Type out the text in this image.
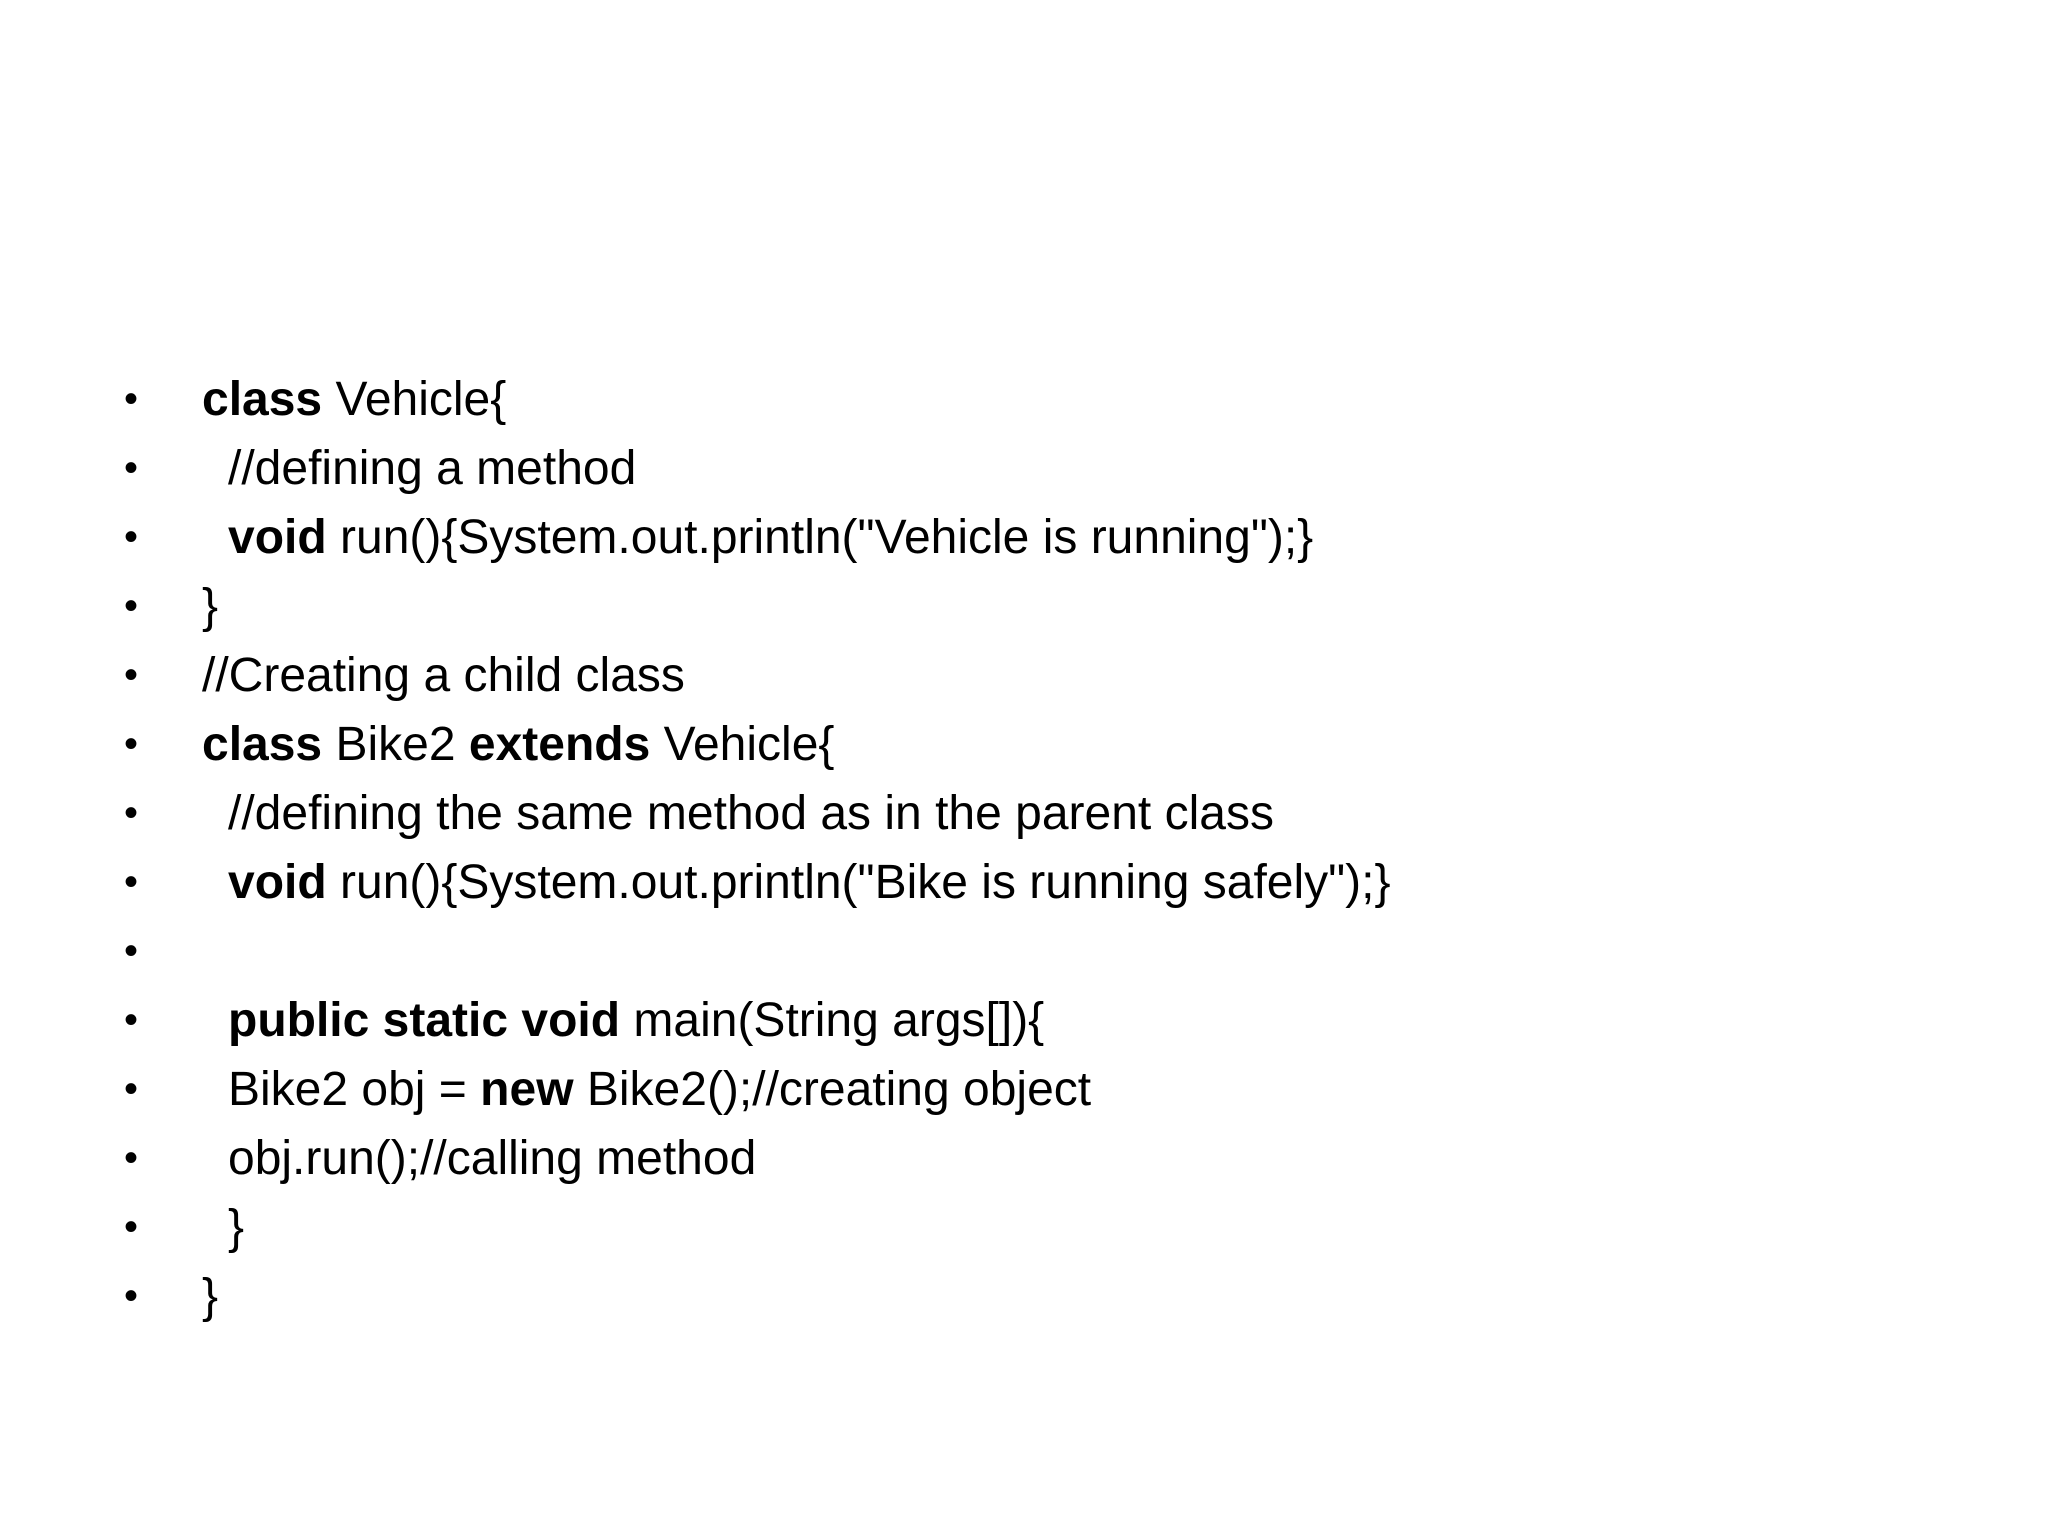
• class Vehicle{
• //defining a method
• void run(){System.out.println("Vehicle is running");}
• }
• //Creating a child class
• class Bike2 extends Vehicle{
• //defining the same method as in the parent class
• void run(){System.out.println("Bike is running safely");}
•
• public static void main(String args[]){
• Bike2 obj = new Bike2();//creating object
• obj.run();//calling method
• }
• }
